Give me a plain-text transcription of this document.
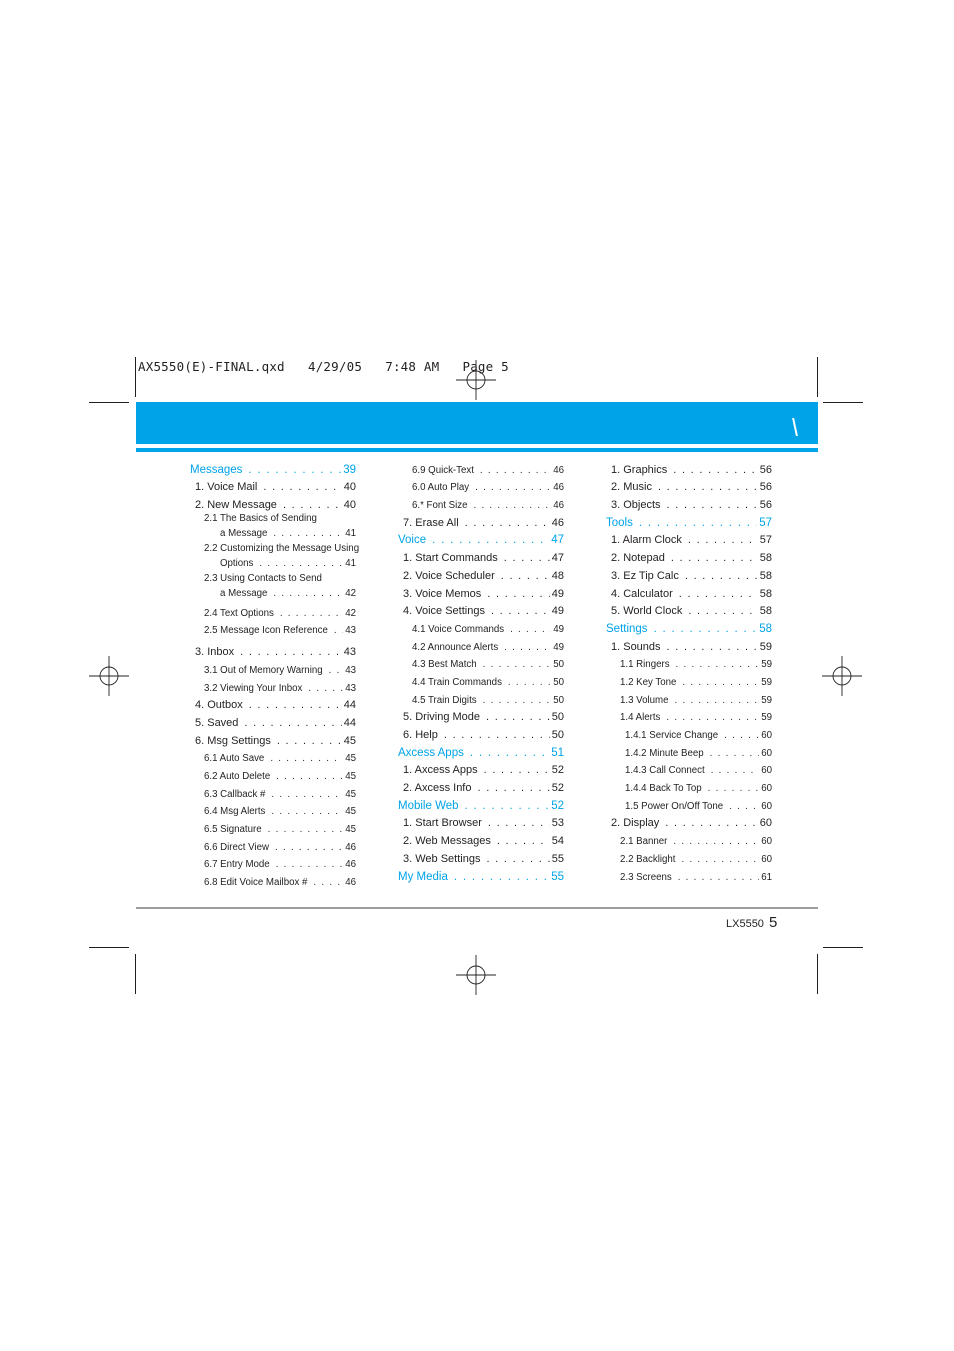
AX5550(E)-FINAL.qxd   4/29/05   7:48 AM   Page 5
Messages . . .	39
1. Voice Mail . . .	40
2. New Message . . .	40
2.1 The Basics of Sending
a Message . . .	41
2.2 Customizing the Message Using
Options . . .	41
2.3 Using Contacts to Send
a Message . . .	42
2.4 Text Options . . .	42
2.5 Message Icon Reference . . . 43
3. Inbox . . .	43
3.1 Out of Memory Warning . . . 43
3.2 Viewing Your Inbox . . .	43
4. Outbox . . .	44
5. Saved . . .	44
6. Msg Settings . . .	45
6.1 Auto Save . . .	45
6.2 Auto Delete . . .	45
6.3 Callback # . . .	45
6.4 Msg Alerts . . .	45
6.5 Signature . . .	45
6.6 Direct View . . .	46
6.7 Entry Mode . . .	46
6.8 Edit Voice Mailbox # . . .	46
6.9 Quick-Text . . .	46
6.0 Auto Play . . .	46
6.* Font Size . . .	46
7. Erase All . . .	46
Voice . . .	47
1. Start Commands . . .	47
2. Voice Scheduler . . .	48
3. Voice Memos . . .	49
4. Voice Settings . . .	49
4.1 Voice Commands . . .	49
4.2 Announce Alerts . . .	49
4.3 Best Match . . .	50
4.4 Train Commands . . .	50
4.5 Train Digits . . .	50
5. Driving Mode . . .	50
6. Help . . .	50
Axcess Apps . . .	51
1. Axcess Apps . . .	52
2. Axcess Info . . .	52
Mobile Web . . .	52
1. Start Browser . . .	53
2. Web Messages . . .	54
3. Web Settings . . .	55
My Media . . .	55
1. Graphics . . .	56
2. Music . . .	56
3. Objects . . .	56
Tools . . .	57
1. Alarm Clock . . .	57
2. Notepad . . .	58
3. Ez Tip Calc . . .	58
4. Calculator . . .	58
5. World Clock . . .	58
Settings . . .	58
1. Sounds . . .	59
1.1 Ringers . . .	59
1.2 Key Tone . . .	59
1.3 Volume . . .	59
1.4 Alerts . . .	59
1.4.1 Service Change . . .	60
1.4.2 Minute Beep . . .	60
1.4.3 Call Connect . . .	60
1.4.4 Back To Top . . .	60
1.5 Power On/Off Tone . . .	60
2. Display . . .	60
2.1 Banner . . .	60
2.2 Backlight . . .	60
2.3 Screens . . .	61
LX5550 5
